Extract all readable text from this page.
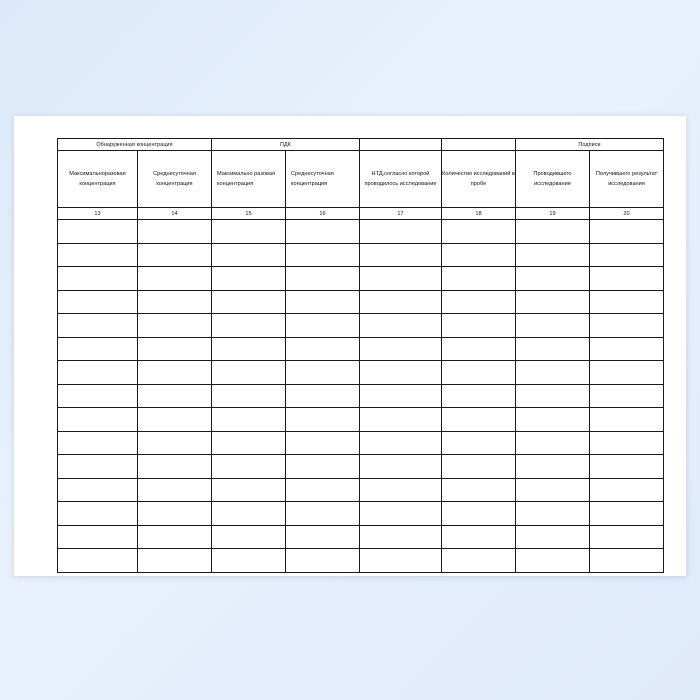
Обнаруженная концентрация		ПДК				Подписи	
Максимальноразовая концентрация	Среднесуточная концентрация	Максимально разовая концентрация	Среднесуточная концентрация	НТД,согласно которой проводилось исследование	Количество исследований в пробе	Проводившего исследование	Получившего результат исследования
13	14	15	16	17	18	19	20
